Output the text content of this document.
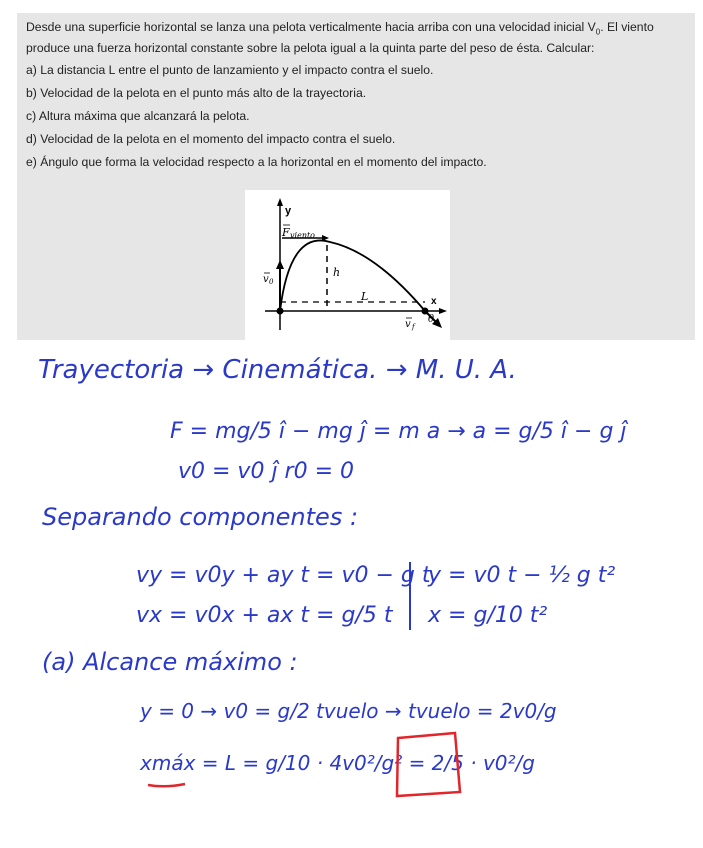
Desde una superficie horizontal se lanza una pelota verticalmente hacia arriba con una velocidad inicial $V_0$. El viento
produce una fuerza horizontal constante sobre la pelota igual a la quinta parte del peso de ésta. Calcular:

a) La distancia L entre el punto de lanzamiento y el impacto contra el suelo.

b) Velocidad de la pelota en el punto más alto de la trayectoria.

c) Altura máxima que alcanzará la pelota.

d) Velocidad de la pelota en el momento del impacto contra el suelo.

e) Ángulo que forma la velocidad respecto a la horizontal en el momento del impacto.

y
x
F viento
v 0
h
L
v f
θ
Trayectoria → Cinemática. → M. U. A.
F = mg/5 î − mg ĵ = m a → a = g/5 î − g ĵ
v0 = v0 ĵ r0 = 0
Separando componentes :
vy = v0y + ay t = v0 − g t
y = v0 t − ½ g t²
vx = v0x + ax t = g/5 t x = g/10 t²
(a) Alcance máximo :
y = 0 → v0 = g/2 tvuelo → tvuelo = 2v0/g
xmáx = L = g/10 · 4v0²/g² = 2/5 · v0²/g
